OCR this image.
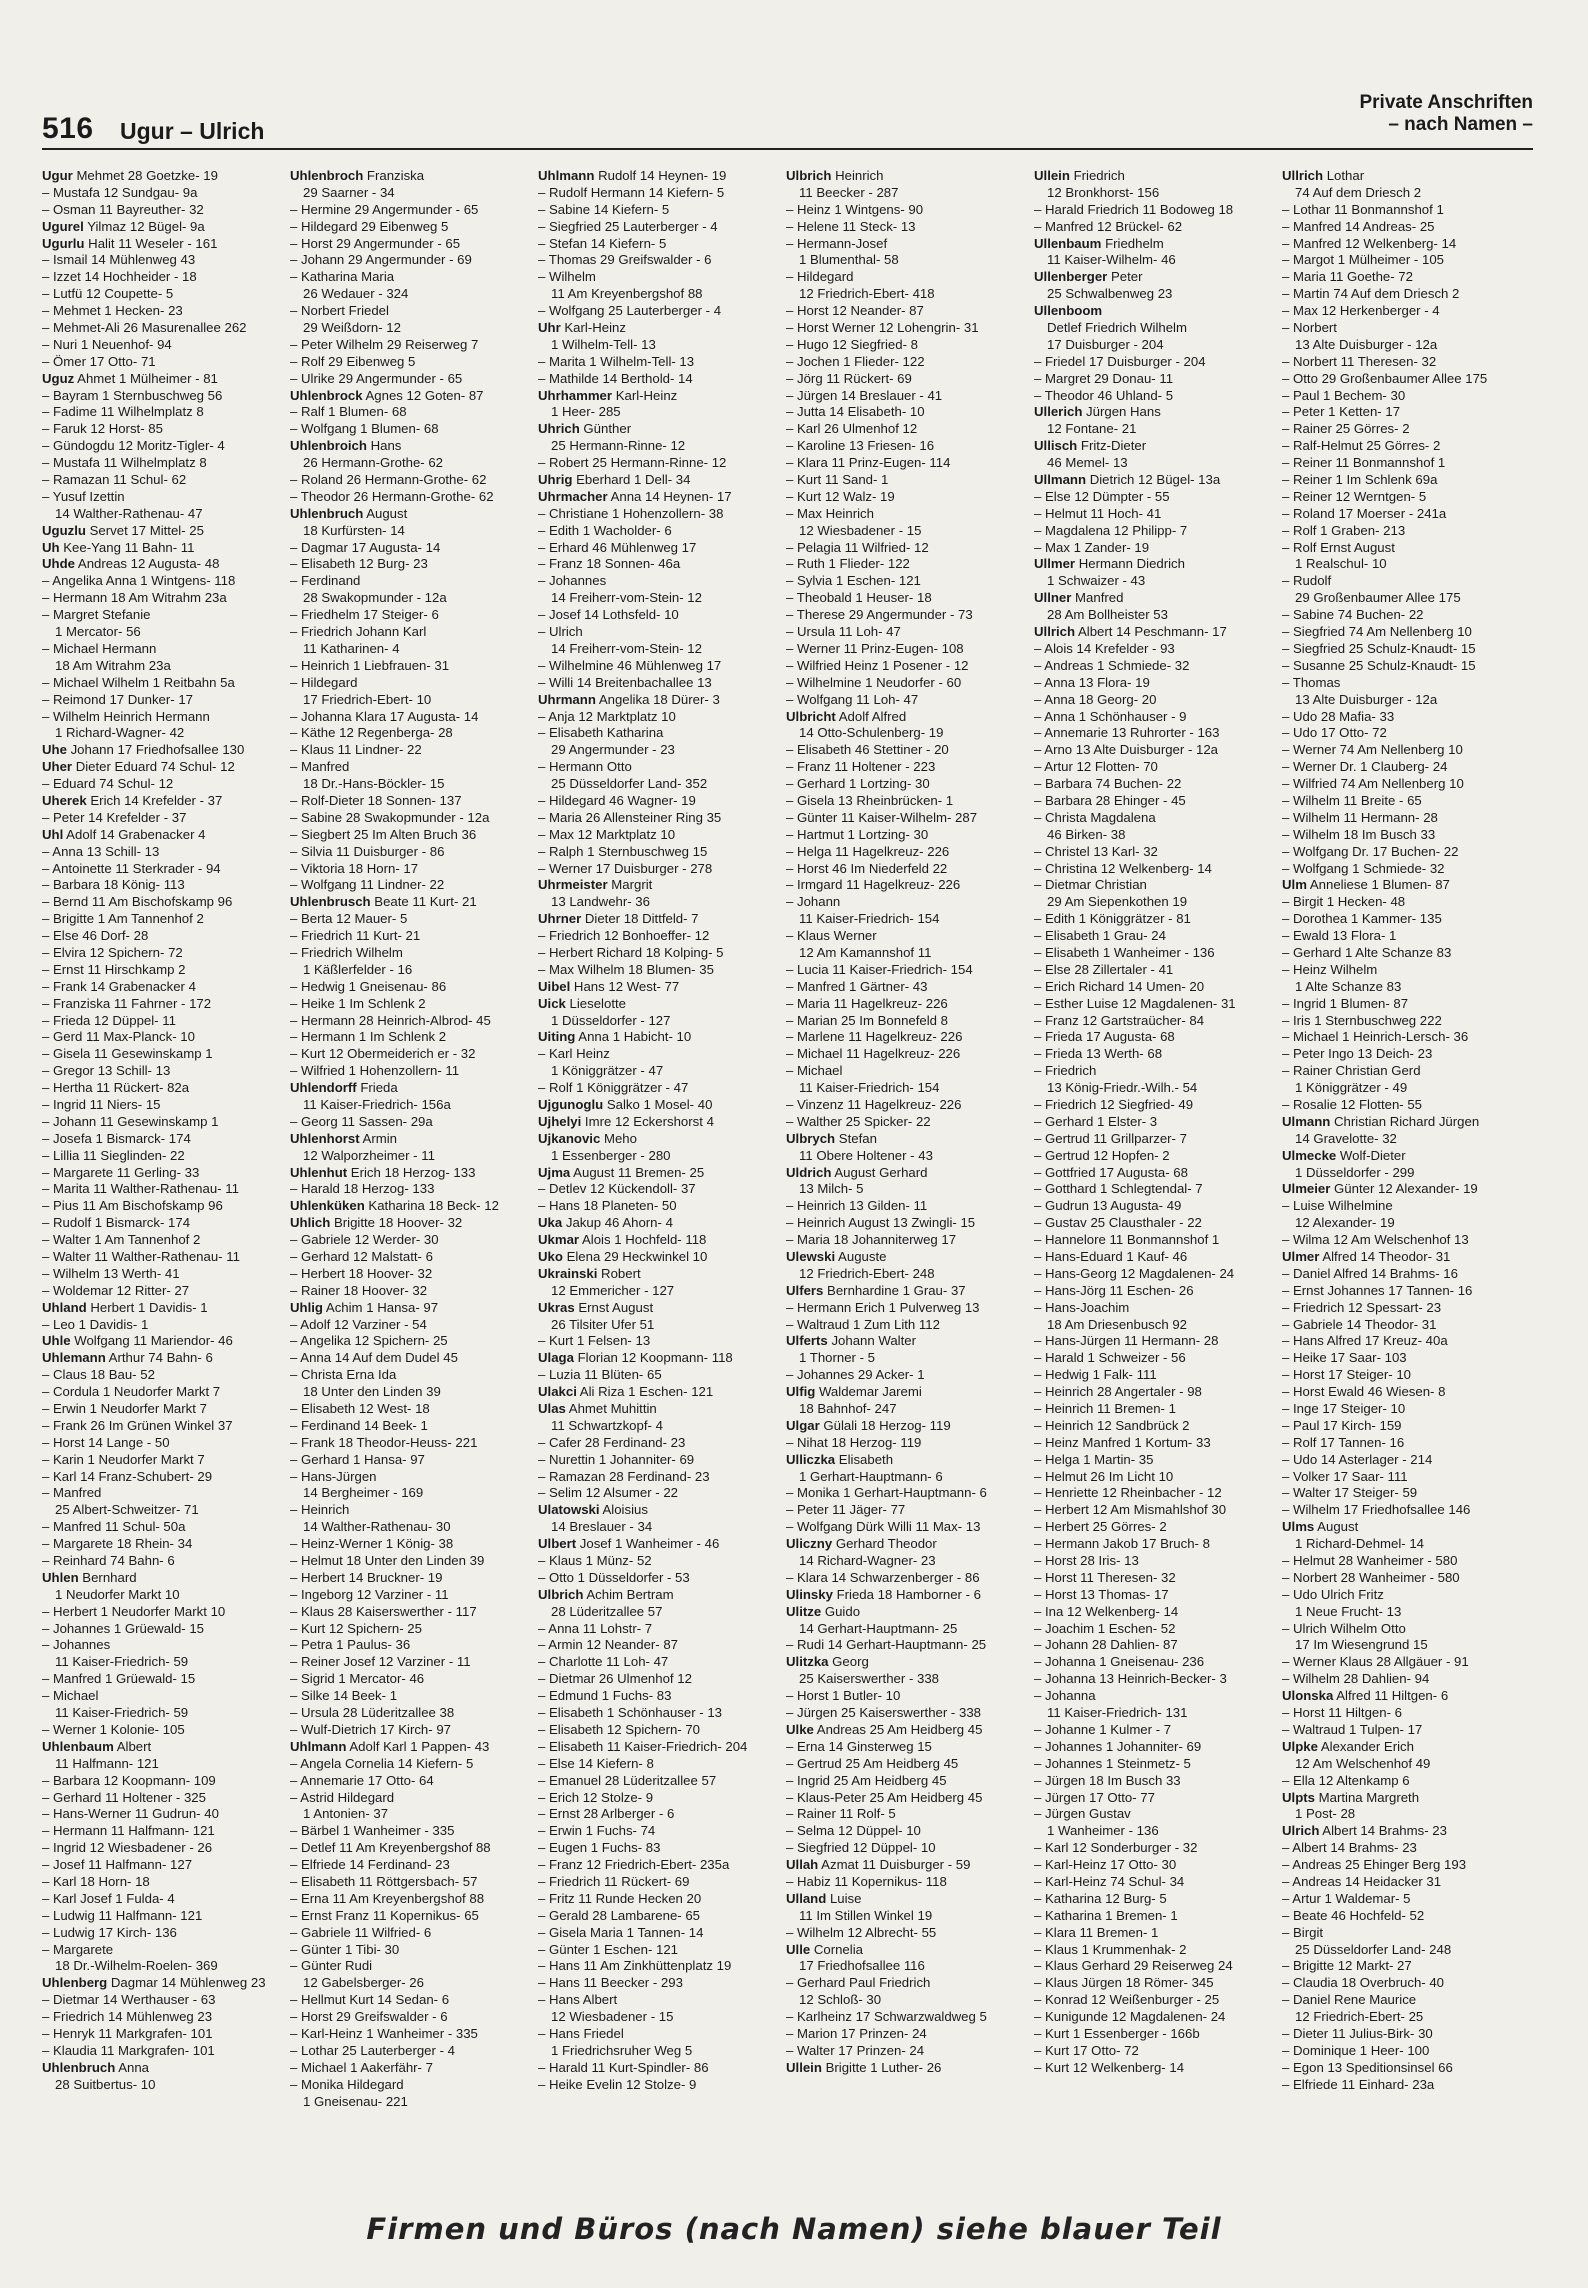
516 Ugur – Ulrich
Private Anschriften
– nach Namen –
Ugur Mehmet 28 Goetzke- 19
– Mustafa 12 Sundgau- 9a
– Osman 11 Bayreuther- 32
Ugurel Yilmaz 12 Bügel- 9a
Ugurlu Halit 11 Weseler - 161
– Ismail 14 Mühlenweg 43
– Izzet 14 Hochheider - 18
– Lutfü 12 Coupette- 5
– Mehmet 1 Hecken- 23
– Mehmet-Ali 26 Masurenallee 262
– Nuri 1 Neuenhof- 94
– Ömer 17 Otto- 71
Uguz Ahmet 1 Mülheimer - 81
– Bayram 1 Sternbuschweg 56
– Fadime 11 Wilhelmplatz 8
– Faruk 12 Horst- 85
– Gündogdu 12 Moritz-Tigler- 4
– Mustafa 11 Wilhelmplatz 8
– Ramazan 11 Schul- 62
– Yusuf Izettin
14 Walther-Rathenau- 47
Uguzlu Servet 17 Mittel- 25
Uh Kee-Yang 11 Bahn- 11
Uhde Andreas 12 Augusta- 48
– Angelika Anna 1 Wintgens- 118
– Hermann 18 Am Witrahm 23a
– Margret Stefanie
1 Mercator- 56
– Michael Hermann
18 Am Witrahm 23a
– Michael Wilhelm 1 Reitbahn 5a
– Reimond 17 Dunker- 17
– Wilhelm Heinrich Hermann
1 Richard-Wagner- 42
Uhe Johann 17 Friedhofsallee 130
Uher Dieter Eduard 74 Schul- 12
– Eduard 74 Schul- 12
Uherek Erich 14 Krefelder - 37
– Peter 14 Krefelder - 37
Uhl Adolf 14 Grabenacker 4
– Anna 13 Schill- 13
– Antoinette 11 Sterkrader - 94
– Barbara 18 König- 113
– Bernd 11 Am Bischofskamp 96
– Brigitte 1 Am Tannenhof 2
– Else 46 Dorf- 28
– Elvira 12 Spichern- 72
– Ernst 11 Hirschkamp 2
– Frank 14 Grabenacker 4
– Franziska 11 Fahrner - 172
– Frieda 12 Düppel- 11
– Gerd 11 Max-Planck- 10
– Gisela 11 Gesewinskamp 1
– Gregor 13 Schill- 13
– Hertha 11 Rückert- 82a
– Ingrid 11 Niers- 15
– Johann 11 Gesewinskamp 1
– Josefa 1 Bismarck- 174
– Lillia 11 Sieglinden- 22
– Margarete 11 Gerling- 33
– Marita 11 Walther-Rathenau- 11
– Pius 11 Am Bischofskamp 96
– Rudolf 1 Bismarck- 174
– Walter 1 Am Tannenhof 2
– Walter 11 Walther-Rathenau- 11
– Wilhelm 13 Werth- 41
– Woldemar 12 Ritter- 27
Uhland Herbert 1 Davidis- 1
– Leo 1 Davidis- 1
Uhle Wolfgang 11 Mariendor- 46
Uhlemann Arthur 74 Bahn- 6
– Claus 18 Bau- 52
– Cordula 1 Neudorfer Markt 7
– Erwin 1 Neudorfer Markt 7
– Frank 26 Im Grünen Winkel 37
– Horst 14 Lange - 50
– Karin 1 Neudorfer Markt 7
– Karl 14 Franz-Schubert- 29
– Manfred
25 Albert-Schweitzer- 71
– Manfred 11 Schul- 50a
– Margarete 18 Rhein- 34
– Reinhard 74 Bahn- 6
Uhlen Bernhard
1 Neudorfer Markt 10
– Herbert 1 Neudorfer Markt 10
– Johannes 1 Grüewald- 15
– Johannes
11 Kaiser-Friedrich- 59
– Manfred 1 Grüewald- 15
– Michael
11 Kaiser-Friedrich- 59
– Werner 1 Kolonie- 105
Uhlenbaum Albert
11 Halfmann- 121
– Barbara 12 Koopmann- 109
– Gerhard 11 Holtener - 325
– Hans-Werner 11 Gudrun- 40
– Hermann 11 Halfmann- 121
– Ingrid 12 Wiesbadener - 26
– Josef 11 Halfmann- 127
– Karl 18 Horn- 18
– Karl Josef 1 Fulda- 4
– Ludwig 11 Halfmann- 121
– Ludwig 17 Kirch- 136
– Margarete
18 Dr.-Wilhelm-Roelen- 369
Uhlenberg Dagmar 14 Mühlenweg 23
– Dietmar 14 Werthauser - 63
– Friedrich 14 Mühlenweg 23
– Henryk 11 Markgrafen- 101
– Klaudia 11 Markgrafen- 101
Uhlenbruch Anna
28 Suitbertus- 10
Uhlenbroch Franziska
29 Saarner - 34
– Hermine 29 Angermunder - 65
– Hildegard 29 Eibenweg 5
– Horst 29 Angermunder - 65
– Johann 29 Angermunder - 69
– Katharina Maria
26 Wedauer - 324
– Norbert Friedel
29 Weißdorn- 12
– Peter Wilhelm 29 Reiserweg 7
– Rolf 29 Eibenweg 5
– Ulrike 29 Angermunder - 65
Uhlenbrock Agnes 12 Goten- 87
– Ralf 1 Blumen- 68
– Wolfgang 1 Blumen- 68
Uhlenbroich Hans
26 Hermann-Grothe- 62
– Roland 26 Hermann-Grothe- 62
– Theodor 26 Hermann-Grothe- 62
Uhlenbruch August
18 Kurfürsten- 14
– Dagmar 17 Augusta- 14
– Elisabeth 12 Burg- 23
– Ferdinand
28 Swakopmunder - 12a
– Friedhelm 17 Steiger- 6
– Friedrich Johann Karl
11 Katharinen- 4
– Heinrich 1 Liebfrauen- 31
– Hildegard
17 Friedrich-Ebert- 10
– Johanna Klara 17 Augusta- 14
– Käthe 12 Regenberga- 28
– Klaus 11 Lindner- 22
– Manfred
18 Dr.-Hans-Böckler- 15
– Rolf-Dieter 18 Sonnen- 137
– Sabine 28 Swakopmunder - 12a
– Siegbert 25 Im Alten Bruch 36
– Silvia 11 Duisburger - 86
– Viktoria 18 Horn- 17
– Wolfgang 11 Lindner- 22
Uhlenbrusch Beate 11 Kurt- 21
– Berta 12 Mauer- 5
– Friedrich 11 Kurt- 21
– Friedrich Wilhelm
1 Käßlerfelder - 16
– Hedwig 1 Gneisenau- 86
– Heike 1 Im Schlenk 2
– Hermann 28 Heinrich-Albrod- 45
– Hermann 1 Im Schlenk 2
– Kurt 12 Obermeiderich er - 32
– Wilfried 1 Hohenzollern- 11
Uhlendorff Frieda
11 Kaiser-Friedrich- 156a
– Georg 11 Sassen- 29a
Uhlenhorst Armin
12 Walporzheimer - 11
Uhlenhut Erich 18 Herzog- 133
– Harald 18 Herzog- 133
Uhlenküken Katharina 18 Beck- 12
Uhlich Brigitte 18 Hoover- 32
– Gabriele 12 Werder- 30
– Gerhard 12 Malstatt- 6
– Herbert 18 Hoover- 32
– Rainer 18 Hoover- 32
Uhlig Achim 1 Hansa- 97
– Adolf 12 Varziner - 54
– Angelika 12 Spichern- 25
– Anna 14 Auf dem Dudel 45
– Christa Erna Ida
18 Unter den Linden 39
– Elisabeth 12 West- 18
– Ferdinand 14 Beek- 1
– Frank 18 Theodor-Heuss- 221
– Gerhard 1 Hansa- 97
– Hans-Jürgen
14 Bergheimer - 169
– Heinrich
14 Walther-Rathenau- 30
– Heinz-Werner 1 König- 38
– Helmut 18 Unter den Linden 39
– Herbert 14 Bruckner- 19
– Ingeborg 12 Varziner - 11
– Klaus 28 Kaiserswerther - 117
– Kurt 12 Spichern- 25
– Petra 1 Paulus- 36
– Reiner Josef 12 Varziner - 11
– Sigrid 1 Mercator- 46
– Silke 14 Beek- 1
– Ursula 28 Lüderitzallee 38
– Wulf-Dietrich 17 Kirch- 97
Uhlmann Adolf Karl 1 Pappen- 43
– Angela Cornelia 14 Kiefern- 5
– Annemarie 17 Otto- 64
– Astrid Hildegard
1 Antonien- 37
– Bärbel 1 Wanheimer - 335
– Detlef 11 Am Kreyenbergshof 88
– Elfriede 14 Ferdinand- 23
– Elisabeth 11 Röttgersbach- 57
– Erna 11 Am Kreyenbergshof 88
– Ernst Franz 11 Kopernikus- 65
– Gabriele 11 Wilfried- 6
– Günter 1 Tibi- 30
– Günter Rudi
12 Gabelsberger- 26
– Hellmut Kurt 14 Sedan- 6
– Horst 29 Greifswalder - 6
– Karl-Heinz 1 Wanheimer - 335
– Lothar 25 Lauterberger - 4
– Michael 1 Aakerfähr- 7
– Monika Hildegard
1 Gneisenau- 221
Uhlmann Rudolf 14 Heynen- 19
– Rudolf Hermann 14 Kiefern- 5
– Sabine 14 Kiefern- 5
– Siegfried 25 Lauterberger - 4
– Stefan 14 Kiefern- 5
– Thomas 29 Greifswalder - 6
– Wilhelm
11 Am Kreyenbergshof 88
– Wolfgang 25 Lauterberger - 4
Uhr Karl-Heinz
1 Wilhelm-Tell- 13
– Marita 1 Wilhelm-Tell- 13
– Mathilde 14 Berthold- 14
Uhrhammer Karl-Heinz
1 Heer- 285
Uhrich Günther
25 Hermann-Rinne- 12
– Robert 25 Hermann-Rinne- 12
Uhrig Eberhard 1 Dell- 34
Uhrmacher Anna 14 Heynen- 17
– Christiane 1 Hohenzollern- 38
– Edith 1 Wacholder- 6
– Erhard 46 Mühlenweg 17
– Franz 18 Sonnen- 46a
– Johannes
14 Freiherr-vom-Stein- 12
– Josef 14 Lothsfeld- 10
– Ulrich
14 Freiherr-vom-Stein- 12
– Wilhelmine 46 Mühlenweg 17
– Willi 14 Breitenbachallee 13
Uhrmann Angelika 18 Dürer- 3
– Anja 12 Marktplatz 10
– Elisabeth Katharina
29 Angermunder - 23
– Hermann Otto
25 Düsseldorfer Land- 352
– Hildegard 46 Wagner- 19
– Maria 26 Allensteiner Ring 35
– Max 12 Marktplatz 10
– Ralph 1 Sternbuschweg 15
– Werner 17 Duisburger - 278
Uhrmeister Margrit
13 Landwehr- 36
Uhrner Dieter 18 Dittfeld- 7
– Friedrich 12 Bonhoeffer- 12
– Herbert Richard 18 Kolping- 5
– Max Wilhelm 18 Blumen- 35
Uibel Hans 12 West- 77
Uick Lieselotte
1 Düsseldorfer - 127
Uiting Anna 1 Habicht- 10
– Karl Heinz
1 Königgrätzer - 47
– Rolf 1 Königgrätzer - 47
Ujgunoglu Salko 1 Mosel- 40
Ujhelyi Imre 12 Eckershorst 4
Ujkanovic Meho
1 Essenberger - 280
Ujma August 11 Bremen- 25
– Detlev 12 Kückendoll- 37
– Hans 18 Planeten- 50
Uka Jakup 46 Ahorn- 4
Ukmar Alois 1 Hochfeld- 118
Uko Elena 29 Heckwinkel 10
Ukrainski Robert
12 Emmericher - 127
Ukras Ernst August
26 Tilsiter Ufer 51
– Kurt 1 Felsen- 13
Ulaga Florian 12 Koopmann- 118
– Luzia 11 Blüten- 65
Ulakci Ali Riza 1 Eschen- 121
Ulas Ahmet Muhittin
11 Schwartzkopf- 4
– Cafer 28 Ferdinand- 23
– Nurettin 1 Johanniter- 69
– Ramazan 28 Ferdinand- 23
– Selim 12 Alsumer - 22
Ulatowski Aloisius
14 Breslauer - 34
Ulbert Josef 1 Wanheimer - 46
– Klaus 1 Münz- 52
– Otto 1 Düsseldorfer - 53
Ulbrich Achim Bertram
28 Lüderitzallee 57
– Anna 11 Lohstr- 7
– Armin 12 Neander- 87
– Charlotte 11 Loh- 47
– Dietmar 26 Ulmenhof 12
– Edmund 1 Fuchs- 83
– Elisabeth 1 Schönhauser - 13
– Elisabeth 12 Spichern- 70
– Elisabeth 11 Kaiser-Friedrich- 204
– Else 14 Kiefern- 8
– Emanuel 28 Lüderitzallee 57
– Erich 12 Stolze- 9
– Ernst 28 Arlberger - 6
– Erwin 1 Fuchs- 74
– Eugen 1 Fuchs- 83
– Franz 12 Friedrich-Ebert- 235a
– Friedrich 11 Rückert- 69
– Fritz 11 Runde Hecken 20
– Gerald 28 Lambarene- 65
– Gisela Maria 1 Tannen- 14
– Günter 1 Eschen- 121
– Hans 11 Am Zinkhüttenplatz 19
– Hans 11 Beecker - 293
– Hans Albert
12 Wiesbadener - 15
– Hans Friedel
1 Friedrichsruher Weg 5
– Harald 11 Kurt-Spindler- 86
– Heike Evelin 12 Stolze- 9
Ulbrich Heinrich
11 Beecker - 287
– Heinz 1 Wintgens- 90
– Helene 11 Steck- 13
– Hermann-Josef
1 Blumenthal- 58
– Hildegard
12 Friedrich-Ebert- 418
– Horst 12 Neander- 87
– Horst Werner 12 Lohengrin- 31
– Hugo 12 Siegfried- 8
– Jochen 1 Flieder- 122
– Jörg 11 Rückert- 69
– Jürgen 14 Breslauer - 41
– Jutta 14 Elisabeth- 10
– Karl 26 Ulmenhof 12
– Karoline 13 Friesen- 16
– Klara 11 Prinz-Eugen- 114
– Kurt 11 Sand- 1
– Kurt 12 Walz- 19
– Max Heinrich
12 Wiesbadener - 15
– Pelagia 11 Wilfried- 12
– Ruth 1 Flieder- 122
– Sylvia 1 Eschen- 121
– Theobald 1 Heuser- 18
– Therese 29 Angermunder - 73
– Ursula 11 Loh- 47
– Werner 11 Prinz-Eugen- 108
– Wilfried Heinz 1 Posener - 12
– Wilhelmine 1 Neudorfer - 60
– Wolfgang 11 Loh- 47
Ulbricht Adolf Alfred
14 Otto-Schulenberg- 19
– Elisabeth 46 Stettiner - 20
– Franz 11 Holtener - 223
– Gerhard 1 Lortzing- 30
– Gisela 13 Rheinbrücken- 1
– Günter 11 Kaiser-Wilhelm- 287
– Hartmut 1 Lortzing- 30
– Helga 11 Hagelkreuz- 226
– Horst 46 Im Niederfeld 22
– Irmgard 11 Hagelkreuz- 226
– Johann
11 Kaiser-Friedrich- 154
– Klaus Werner
12 Am Kamannshof 11
– Lucia 11 Kaiser-Friedrich- 154
– Manfred 1 Gärtner- 43
– Maria 11 Hagelkreuz- 226
– Marian 25 Im Bonnefeld 8
– Marlene 11 Hagelkreuz- 226
– Michael 11 Hagelkreuz- 226
– Michael
11 Kaiser-Friedrich- 154
– Vinzenz 11 Hagelkreuz- 226
– Walther 25 Spicker- 22
Ulbrych Stefan
11 Obere Holtener - 43
Uldrich August Gerhard
13 Milch- 5
– Heinrich 13 Gilden- 11
– Heinrich August 13 Zwingli- 15
– Maria 18 Johanniterweg 17
Ulewski Auguste
12 Friedrich-Ebert- 248
Ulfers Bernhardine 1 Grau- 37
– Hermann Erich 1 Pulverweg 13
– Waltraud 1 Zum Lith 112
Ulferts Johann Walter
1 Thorner - 5
– Johannes 29 Acker- 1
Ulfig Waldemar Jaremi
18 Bahnhof- 247
Ulgar Gülali 18 Herzog- 119
– Nihat 18 Herzog- 119
Ulliczka Elisabeth
1 Gerhart-Hauptmann- 6
– Monika 1 Gerhart-Hauptmann- 6
– Peter 11 Jäger- 77
– Wolfgang Dürk Willi 11 Max- 13
Uliczny Gerhard Theodor
14 Richard-Wagner- 23
– Klara 14 Schwarzenberger - 86
Ulinsky Frieda 18 Hamborner - 6
Ulitze Guido
14 Gerhart-Hauptmann- 25
– Rudi 14 Gerhart-Hauptmann- 25
Ulitzka Georg
25 Kaiserswerther - 338
– Horst 1 Butler- 10
– Jürgen 25 Kaiserswerther - 338
Ulke Andreas 25 Am Heidberg 45
– Erna 14 Ginsterweg 15
– Gertrud 25 Am Heidberg 45
– Ingrid 25 Am Heidberg 45
– Klaus-Peter 25 Am Heidberg 45
– Rainer 11 Rolf- 5
– Selma 12 Düppel- 10
– Siegfried 12 Düppel- 10
Ullah Azmat 11 Duisburger - 59
– Habiz 11 Kopernikus- 118
Ulland Luise
11 Im Stillen Winkel 19
– Wilhelm 12 Albrecht- 55
Ulle Cornelia
17 Friedhofsallee 116
– Gerhard Paul Friedrich
12 Schloß- 30
– Karlheinz 17 Schwarzwaldweg 5
– Marion 17 Prinzen- 24
– Walter 17 Prinzen- 24
Ullein Brigitte 1 Luther- 26
Ullein Friedrich
12 Bronkhorst- 156
– Harald Friedrich 11 Bodoweg 18
– Manfred 12 Brückel- 62
Ullenbaum Friedhelm
11 Kaiser-Wilhelm- 46
Ullenberger Peter
25 Schwalbenweg 23
Ullenboom
Detlef Friedrich Wilhelm
17 Duisburger - 204
– Friedel 17 Duisburger - 204
– Margret 29 Donau- 11
– Theodor 46 Uhland- 5
Ullerich Jürgen Hans
12 Fontane- 21
Ullisch Fritz-Dieter
46 Memel- 13
Ullmann Dietrich 12 Bügel- 13a
– Else 12 Dümpter - 55
– Helmut 11 Hoch- 41
– Magdalena 12 Philipp- 7
– Max 1 Zander- 19
Ullmer Hermann Diedrich
1 Schwaizer - 43
Ullner Manfred
28 Am Bollheister 53
Ullrich Albert 14 Peschmann- 17
– Alois 14 Krefelder - 93
– Andreas 1 Schmiede- 32
– Anna 13 Flora- 19
– Anna 18 Georg- 20
– Anna 1 Schönhauser - 9
– Annemarie 13 Ruhrorter - 163
– Arno 13 Alte Duisburger - 12a
– Artur 12 Flotten- 70
– Barbara 74 Buchen- 22
– Barbara 28 Ehinger - 45
– Christa Magdalena
46 Birken- 38
– Christel 13 Karl- 32
– Christina 12 Welkenberg- 14
– Dietmar Christian
29 Am Siepenkothen 19
– Edith 1 Königgrätzer - 81
– Elisabeth 1 Grau- 24
– Elisabeth 1 Wanheimer - 136
– Else 28 Zillertaler - 41
– Erich Richard 14 Umen- 20
– Esther Luise 12 Magdalenen- 31
– Franz 12 Gartstraücher- 84
– Frieda 17 Augusta- 68
– Frieda 13 Werth- 68
– Friedrich
13 König-Friedr.-Wilh.- 54
– Friedrich 12 Siegfried- 49
– Gerhard 1 Elster- 3
– Gertrud 11 Grillparzer- 7
– Gertrud 12 Hopfen- 2
– Gottfried 17 Augusta- 68
– Gotthard 1 Schlegtendal- 7
– Gudrun 13 Augusta- 49
– Gustav 25 Clausthaler - 22
– Hannelore 11 Bonmannshof 1
– Hans-Eduard 1 Kauf- 46
– Hans-Georg 12 Magdalenen- 24
– Hans-Jörg 11 Eschen- 26
– Hans-Joachim
18 Am Driesenbusch 92
– Hans-Jürgen 11 Hermann- 28
– Harald 1 Schweizer - 56
– Hedwig 1 Falk- 111
– Heinrich 28 Angertaler - 98
– Heinrich 11 Bremen- 1
– Heinrich 12 Sandbrück 2
– Heinz Manfred 1 Kortum- 33
– Helga 1 Martin- 35
– Helmut 26 Im Licht 10
– Henriette 12 Rheinbacher - 12
– Herbert 12 Am Mismahlshof 30
– Herbert 25 Görres- 2
– Hermann Jakob 17 Bruch- 8
– Horst 28 Iris- 13
– Horst 11 Theresen- 32
– Horst 13 Thomas- 17
– Ina 12 Welkenberg- 14
– Joachim 1 Eschen- 52
– Johann 28 Dahlien- 87
– Johanna 1 Gneisenau- 236
– Johanna 13 Heinrich-Becker- 3
– Johanna
11 Kaiser-Friedrich- 131
– Johanne 1 Kulmer - 7
– Johannes 1 Johanniter- 69
– Johannes 1 Steinmetz- 5
– Jürgen 18 Im Busch 33
– Jürgen 17 Otto- 77
– Jürgen Gustav
1 Wanheimer - 136
– Karl 12 Sonderburger - 32
– Karl-Heinz 17 Otto- 30
– Karl-Heinz 74 Schul- 34
– Katharina 12 Burg- 5
– Katharina 1 Bremen- 1
– Klara 11 Bremen- 1
– Klaus 1 Krummenhak- 2
– Klaus Gerhard 29 Reiserweg 24
– Klaus Jürgen 18 Römer- 345
– Konrad 12 Weißenburger - 25
– Kunigunde 12 Magdalenen- 24
– Kurt 1 Essenberger - 166b
– Kurt 17 Otto- 72
– Kurt 12 Welkenberg- 14
Ullrich Lothar
74 Auf dem Driesch 2
– Lothar 11 Bonmannshof 1
– Manfred 14 Andreas- 25
– Manfred 12 Welkenberg- 14
– Margot 1 Mülheimer - 105
– Maria 11 Goethe- 72
– Martin 74 Auf dem Driesch 2
– Max 12 Herkenberger - 4
– Norbert
13 Alte Duisburger - 12a
– Norbert 11 Theresen- 32
– Otto 29 Großenbaumer Allee 175
– Paul 1 Bechem- 30
– Peter 1 Ketten- 17
– Rainer 25 Görres- 2
– Ralf-Helmut 25 Görres- 2
– Reiner 11 Bonmannshof 1
– Reiner 1 Im Schlenk 69a
– Reiner 12 Werntgen- 5
– Roland 17 Moerser - 241a
– Rolf 1 Graben- 213
– Rolf Ernst August
1 Realschul- 10
– Rudolf
29 Großenbaumer Allee 175
– Sabine 74 Buchen- 22
– Siegfried 74 Am Nellenberg 10
– Siegfried 25 Schulz-Knaudt- 15
– Susanne 25 Schulz-Knaudt- 15
– Thomas
13 Alte Duisburger - 12a
– Udo 28 Mafia- 33
– Udo 17 Otto- 72
– Werner 74 Am Nellenberg 10
– Werner Dr. 1 Clauberg- 24
– Wilfried 74 Am Nellenberg 10
– Wilhelm 11 Breite - 65
– Wilhelm 11 Hermann- 28
– Wilhelm 18 Im Busch 33
– Wolfgang Dr. 17 Buchen- 22
– Wolfgang 1 Schmiede- 32
Ulm Anneliese 1 Blumen- 87
– Birgit 1 Hecken- 48
– Dorothea 1 Kammer- 135
– Ewald 13 Flora- 1
– Gerhard 1 Alte Schanze 83
– Heinz Wilhelm
1 Alte Schanze 83
– Ingrid 1 Blumen- 87
– Iris 1 Sternbuschweg 222
– Michael 1 Heinrich-Lersch- 36
– Peter Ingo 13 Deich- 23
– Rainer Christian Gerd
1 Königgrätzer - 49
– Rosalie 12 Flotten- 55
Ulmann Christian Richard Jürgen
14 Gravelotte- 32
Ulmecke Wolf-Dieter
1 Düsseldorfer - 299
Ulmeier Günter 12 Alexander- 19
– Luise Wilhelmine
12 Alexander- 19
– Wilma 12 Am Welschenhof 13
Ulmer Alfred 14 Theodor- 31
– Daniel Alfred 14 Brahms- 16
– Ernst Johannes 17 Tannen- 16
– Friedrich 12 Spessart- 23
– Gabriele 14 Theodor- 31
– Hans Alfred 17 Kreuz- 40a
– Heike 17 Saar- 103
– Horst 17 Steiger- 10
– Horst Ewald 46 Wiesen- 8
– Inge 17 Steiger- 10
– Paul 17 Kirch- 159
– Rolf 17 Tannen- 16
– Udo 14 Asterlager - 214
– Volker 17 Saar- 111
– Walter 17 Steiger- 59
– Wilhelm 17 Friedhofsallee 146
Ulms August
1 Richard-Dehmel- 14
– Helmut 28 Wanheimer - 580
– Norbert 28 Wanheimer - 580
– Udo Ulrich Fritz
1 Neue Frucht- 13
– Ulrich Wilhelm Otto
17 Im Wiesengrund 15
– Werner Klaus 28 Allgäuer - 91
– Wilhelm 28 Dahlien- 94
Ulonska Alfred 11 Hiltgen- 6
– Horst 11 Hiltgen- 6
– Waltraud 1 Tulpen- 17
Ulpke Alexander Erich
12 Am Welschenhof 49
– Ella 12 Altenkamp 6
Ulpts Martina Margreth
1 Post- 28
Ulrich Albert 14 Brahms- 23
– Albert 14 Brahms- 23
– Andreas 25 Ehinger Berg 193
– Andreas 14 Heidacker 31
– Artur 1 Waldemar- 5
– Beate 46 Hochfeld- 52
– Birgit
25 Düsseldorfer Land- 248
– Brigitte 12 Markt- 27
– Claudia 18 Overbruch- 40
– Daniel Rene Maurice
12 Friedrich-Ebert- 25
– Dieter 11 Julius-Birk- 30
– Dominique 1 Heer- 100
– Egon 13 Speditionsinsel 66
– Elfriede 11 Einhard- 23a
Firmen und Büros (nach Namen) siehe blauer Teil
